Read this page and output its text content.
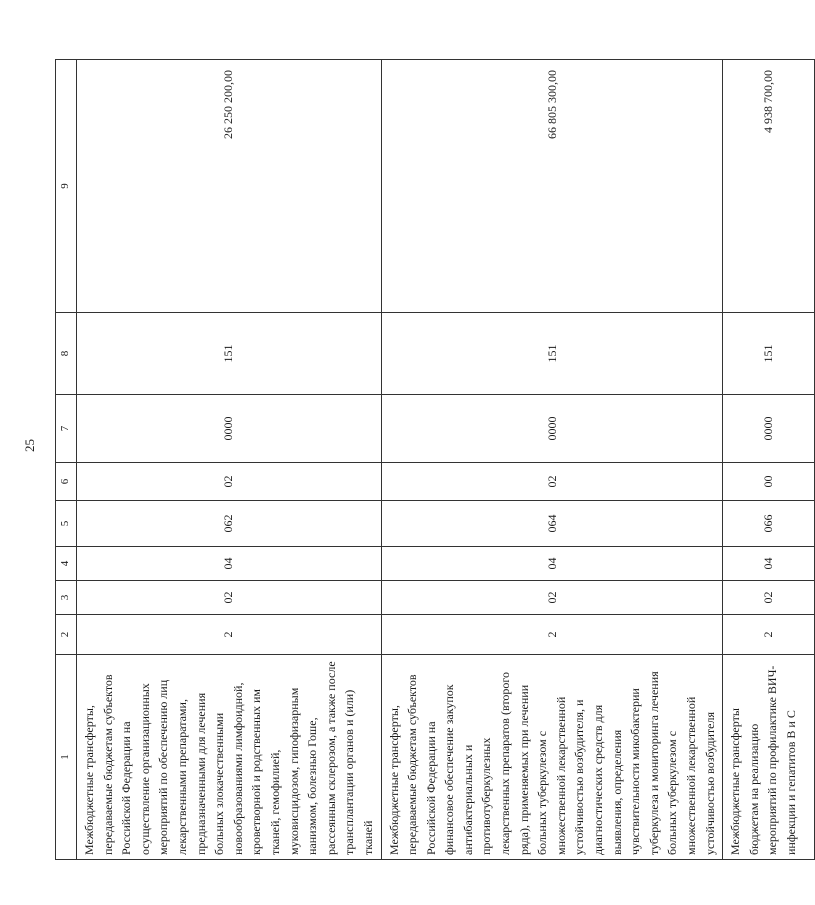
25
1	2	3	4	5	6	7	8	9
Межбюджетные трансферты, передаваемые бюджетам субъектов Российской Федерации на осуществление организационных мероприятий по обеспечению лиц лекарственными препаратами, предназначенными для лечения больных злокачественными новообразованиями лимфоидной, кроветворной и родственных им тканей, гемофилией, муковисцидозом, гипофизарным нанизмом, болезнью Гоше, рассеянным склерозом, а также после трансплантации органов и (или) тканей	2	02	04	062	02	0000	151	26 250 200,00
Межбюджетные трансферты, передаваемые бюджетам субъектов Российской Федерации на финансовое обеспечение закупок антибактериальных и противотуберкулезных лекарственных препаратов (второго ряда), применяемых при лечении больных туберкулезом с множественной лекарственной устойчивостью возбудителя, и диагностических средств для выявления, определения чувствительности микобактерии туберкулеза и мониторинга лечения больных туберкулезом с множественной лекарственной устойчивостью возбудителя	2	02	04	064	02	0000	151	66 805 300,00
Межбюджетные трансферты бюджетам на реализацию мероприятий по профилактике ВИЧ-инфекции и гепатитов B и C	2	02	04	066	00	0000	151	4 938 700,00
